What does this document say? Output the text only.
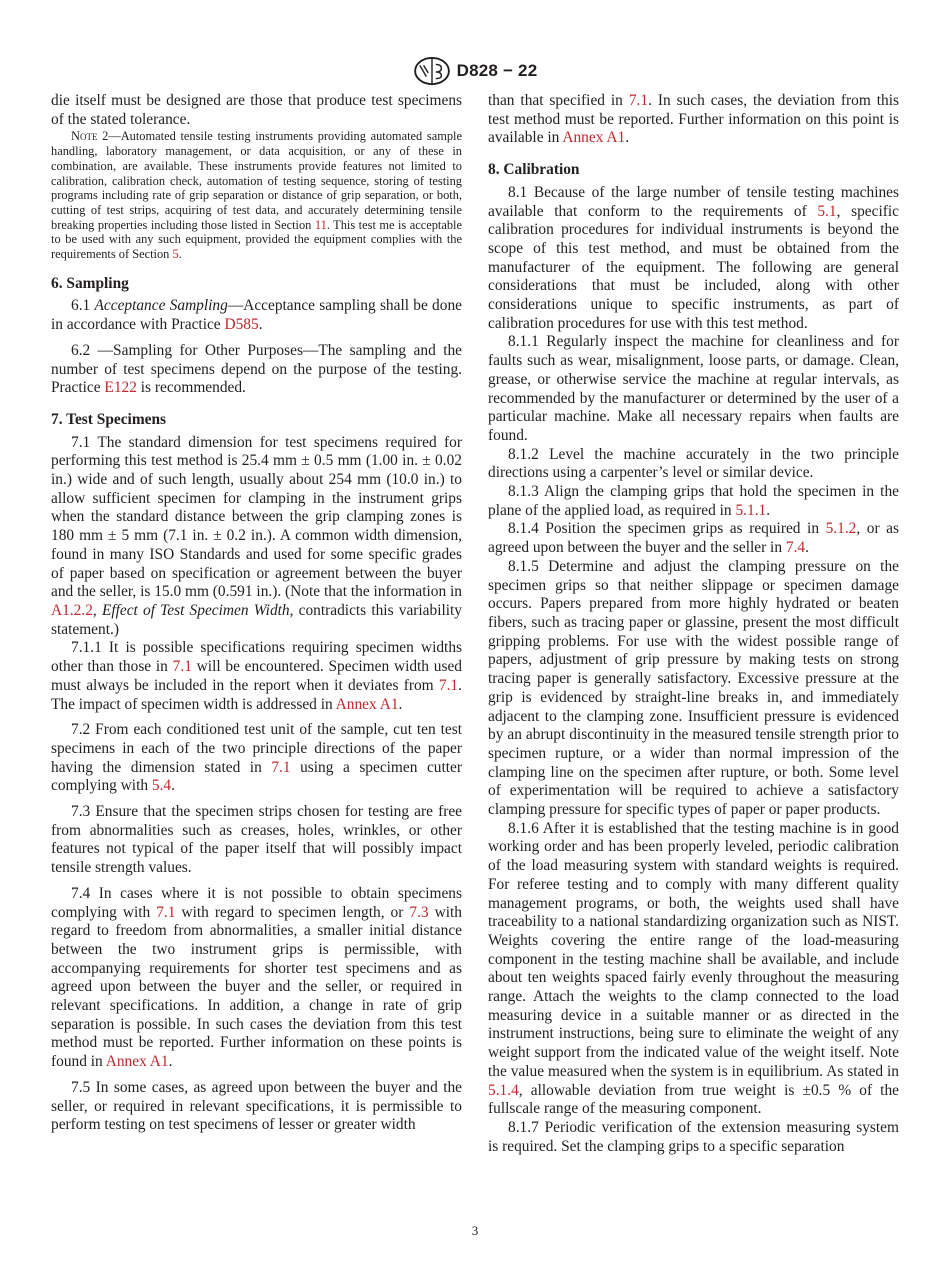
D828 − 22

die itself must be designed are those that produce test specimens of the stated tolerance.

Note 2—Automated tensile testing instruments providing automated sample handling, laboratory management, or data acquisition, or any of these in combination, are available. These instruments provide features not limited to calibration, calibration check, automation of testing sequence, storing of testing programs including rate of grip separation or distance of grip separation, or both, cutting of test strips, acquiring of test data, and accurately determining tensile breaking properties including those listed in Section 11. This test me is acceptable to be used with any such equipment, provided the equipment complies with the requirements of Section 5.

6. Sampling

6.1 Acceptance Sampling—Acceptance sampling shall be done in accordance with Practice D585.

6.2 —Sampling for Other Purposes—The sampling and the number of test specimens depend on the purpose of the testing. Practice E122 is recommended.

7. Test Specimens

7.1 The standard dimension for test specimens required for performing this test method is 25.4 mm ± 0.5 mm (1.00 in. ± 0.02 in.) wide and of such length, usually about 254 mm (10.0 in.) to allow sufficient specimen for clamping in the instrument grips when the standard distance between the grip clamping zones is 180 mm ± 5 mm (7.1 in. ± 0.2 in.). A common width dimension, found in many ISO Standards and used for some specific grades of paper based on specification or agreement between the buyer and the seller, is 15.0 mm (0.591 in.). (Note that the information in A1.2.2, Effect of Test Specimen Width, contradicts this variability statement.)

7.1.1 It is possible specifications requiring specimen widths other than those in 7.1 will be encountered. Specimen width used must always be included in the report when it deviates from 7.1. The impact of specimen width is addressed in Annex A1.

7.2 From each conditioned test unit of the sample, cut ten test specimens in each of the two principle directions of the paper having the dimension stated in 7.1 using a specimen cutter complying with 5.4.

7.3 Ensure that the specimen strips chosen for testing are free from abnormalities such as creases, holes, wrinkles, or other features not typical of the paper itself that will possibly impact tensile strength values.

7.4 In cases where it is not possible to obtain specimens complying with 7.1 with regard to specimen length, or 7.3 with regard to freedom from abnormalities, a smaller initial distance between the two instrument grips is permissible, with accompanying requirements for shorter test specimens and as agreed upon between the buyer and the seller, or required in relevant specifications. In addition, a change in rate of grip separation is possible. In such cases the deviation from this test method must be reported. Further information on these points is found in Annex A1.

7.5 In some cases, as agreed upon between the buyer and the seller, or required in relevant specifications, it is permissible to perform testing on test specimens of lesser or greater width

than that specified in 7.1. In such cases, the deviation from this test method must be reported. Further information on this point is available in Annex A1.

8. Calibration

8.1 Because of the large number of tensile testing machines available that conform to the requirements of 5.1, specific calibration procedures for individual instruments is beyond the scope of this test method, and must be obtained from the manufacturer of the equipment. The following are general considerations that must be included, along with other considerations unique to specific instruments, as part of calibration procedures for use with this test method.

8.1.1 Regularly inspect the machine for cleanliness and for faults such as wear, misalignment, loose parts, or damage. Clean, grease, or otherwise service the machine at regular intervals, as recommended by the manufacturer or determined by the user of a particular machine. Make all necessary repairs when faults are found.

8.1.2 Level the machine accurately in the two principle directions using a carpenter’s level or similar device.

8.1.3 Align the clamping grips that hold the specimen in the plane of the applied load, as required in 5.1.1.

8.1.4 Position the specimen grips as required in 5.1.2, or as agreed upon between the buyer and the seller in 7.4.

8.1.5 Determine and adjust the clamping pressure on the specimen grips so that neither slippage or specimen damage occurs. Papers prepared from more highly hydrated or beaten fibers, such as tracing paper or glassine, present the most difficult gripping problems. For use with the widest possible range of papers, adjustment of grip pressure by making tests on strong tracing paper is generally satisfactory. Excessive pressure at the grip is evidenced by straight-line breaks in, and immediately adjacent to the clamping zone. Insufficient pressure is evidenced by an abrupt discontinuity in the measured tensile strength prior to specimen rupture, or a wider than normal impression of the clamping line on the specimen after rupture, or both. Some level of experimentation will be required to achieve a satisfactory clamping pressure for specific types of paper or paper products.

8.1.6 After it is established that the testing machine is in good working order and has been properly leveled, periodic calibration of the load measuring system with standard weights is required. For referee testing and to comply with many different quality management programs, or both, the weights used shall have traceability to a national standardizing organization such as NIST. Weights covering the entire range of the load-measuring component in the testing machine shall be available, and include about ten weights spaced fairly evenly throughout the measuring range. Attach the weights to the clamp connected to the load measuring device in a suitable manner or as directed in the instrument instructions, being sure to eliminate the weight of any weight support from the indicated value of the weight itself. Note the value measured when the system is in equilibrium. As stated in 5.1.4, allowable deviation from true weight is ±0.5 % of the fullscale range of the measuring component.

8.1.7 Periodic verification of the extension measuring system is required. Set the clamping grips to a specific separation

3
